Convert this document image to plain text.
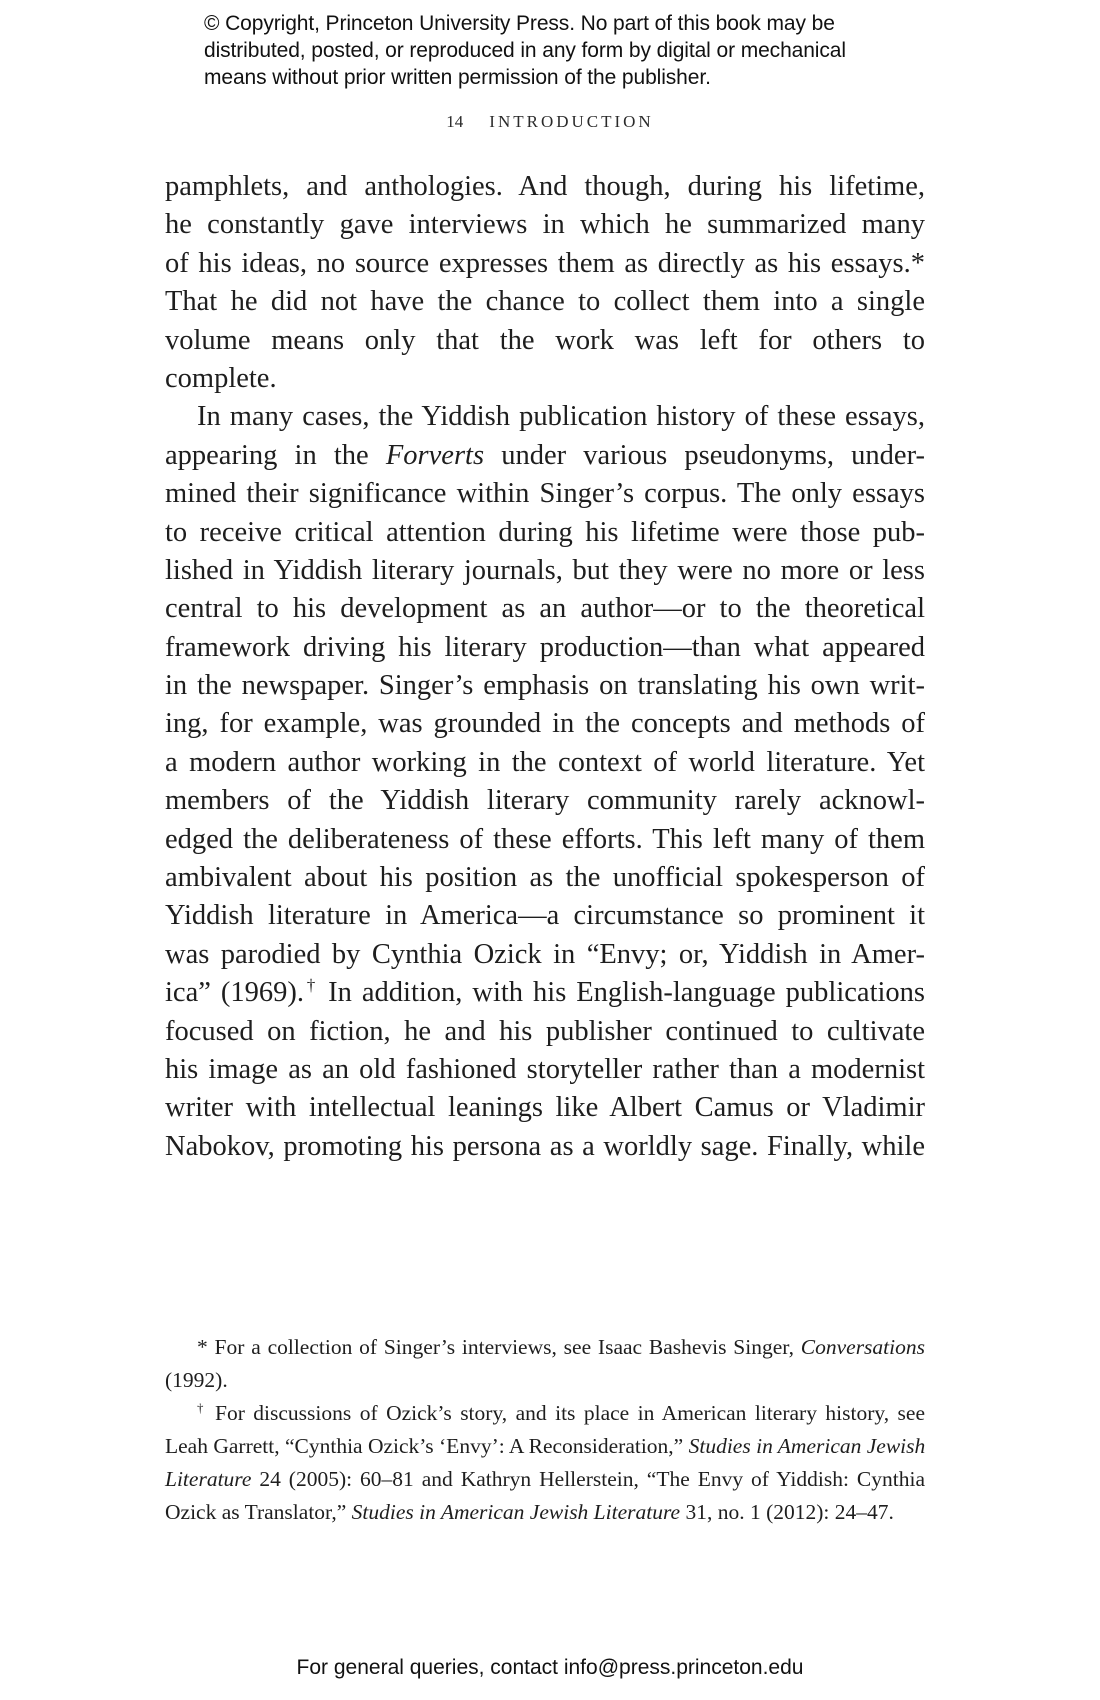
© Copyright, Princeton University Press. No part of this book may be
distributed, posted, or reproduced in any form by digital or mechanical
means without prior written permission of the publisher.
14 INTRODUCTION
pamphlets, and anthologies. And though, during his lifetime,
he constantly gave interviews in which he summarized many
of his ideas, no source expresses them as directly as his essays.*
That he did not have the chance to collect them into a single
volume means only that the work was left for others to
complete.
In many cases, the Yiddish publication history of these essays,
appearing in the Forverts under various pseudonyms, under-
mined their significance within Singer’s corpus. The only essays
to receive critical attention during his lifetime were those pub-
lished in Yiddish literary journals, but they were no more or less
central to his development as an author—or to the theoretical
framework driving his literary production—than what appeared
in the newspaper. Singer’s emphasis on translating his own writ-
ing, for example, was grounded in the concepts and methods of
a modern author working in the context of world literature. Yet
members of the Yiddish literary community rarely acknowl-
edged the deliberateness of these efforts. This left many of them
ambivalent about his position as the unofficial spokesperson of
Yiddish literature in America—a circumstance so prominent it
was parodied by Cynthia Ozick in “Envy; or, Yiddish in Amer-
ica” (1969).† In addition, with his English-language publications
focused on fiction, he and his publisher continued to cultivate
his image as an old fashioned storyteller rather than a modernist
writer with intellectual leanings like Albert Camus or Vladimir
Nabokov, promoting his persona as a worldly sage. Finally, while
* For a collection of Singer’s interviews, see Isaac Bashevis Singer, Conversations
(1992).
† For discussions of Ozick’s story, and its place in American literary history, see
Leah Garrett, “Cynthia Ozick’s ‘Envy’: A Reconsideration,” Studies in American Jewish
Literature 24 (2005): 60–81 and Kathryn Hellerstein, “The Envy of Yiddish: Cynthia
Ozick as Translator,” Studies in American Jewish Literature 31, no. 1 (2012): 24–47.
For general queries, contact info@press.princeton.edu
